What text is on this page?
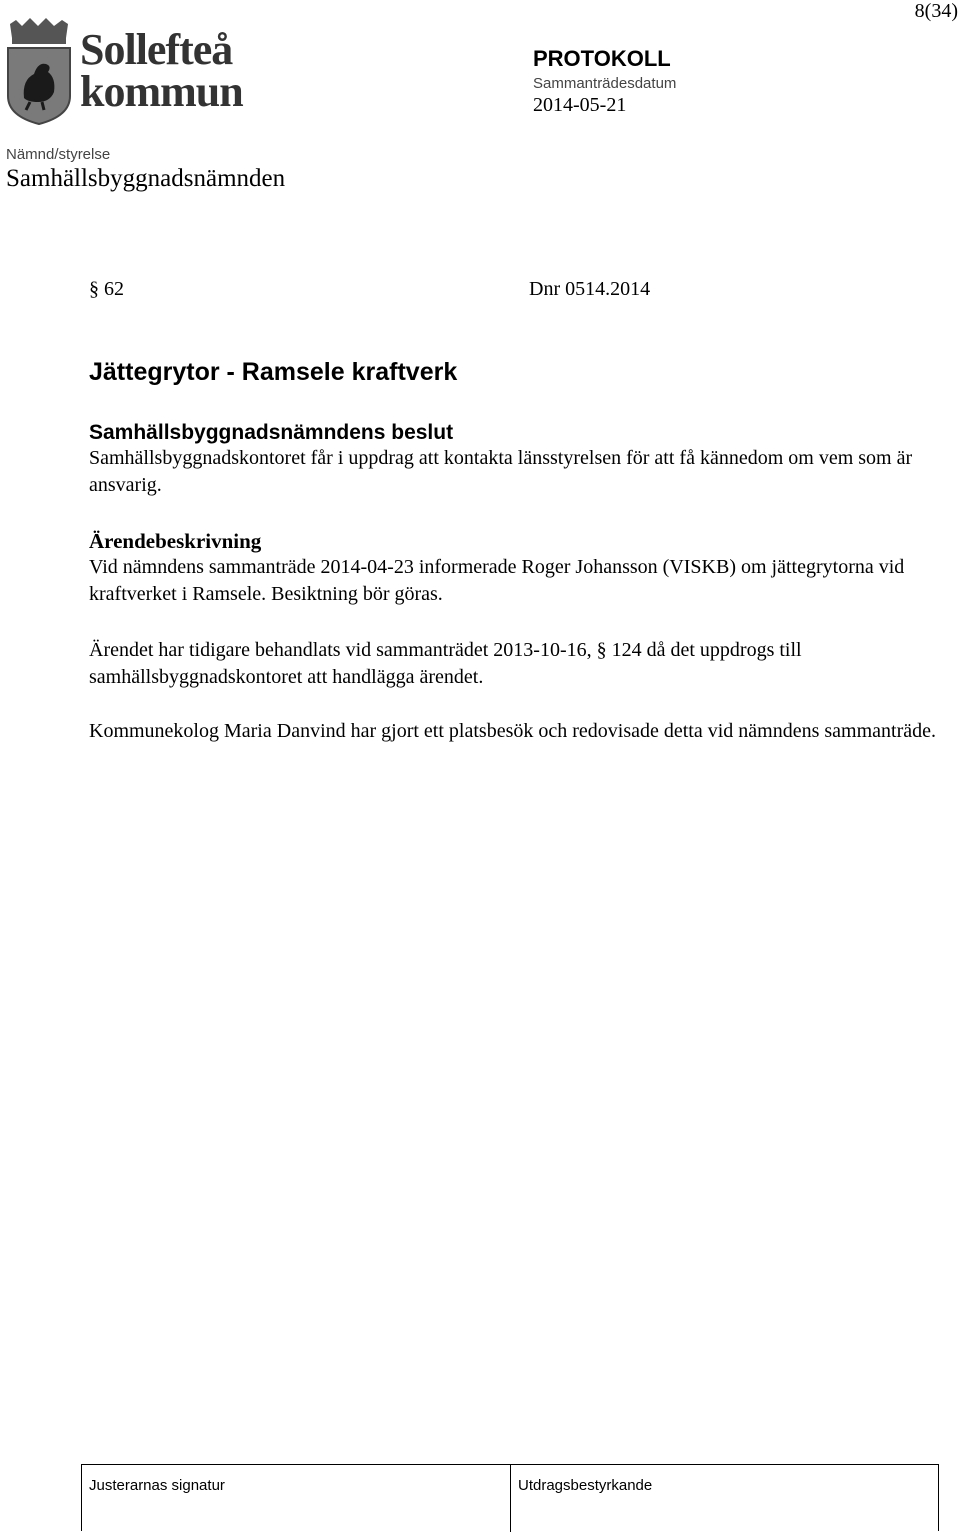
8(34)
Sollefteå
kommun
PROTOKOLL
Sammanträdesdatum
2014-05-21
Nämnd/styrelse
Samhällsbyggnadsnämnden
§ 62	Dnr 0514.2014
Jättegrytor - Ramsele kraftverk
Samhällsbyggnadsnämndens beslut

Samhällsbyggnadskontoret får i uppdrag att kontakta länsstyrelsen för att få kännedom om vem som är ansvarig.

Ärendebeskrivning

Vid nämndens sammanträde 2014-04-23 informerade Roger Johansson (VISKB) om jättegrytorna vid kraftverket i Ramsele. Besiktning bör göras.

Ärendet har tidigare behandlats vid sammanträdet 2013-10-16, § 124 då det uppdrogs till samhällsbyggnadskontoret att handlägga ärendet.

Kommunekolog Maria Danvind har gjort ett platsbesök och redovisade detta vid nämndens sammanträde.

Justerarnas signatur	Utdragsbestyrkande
